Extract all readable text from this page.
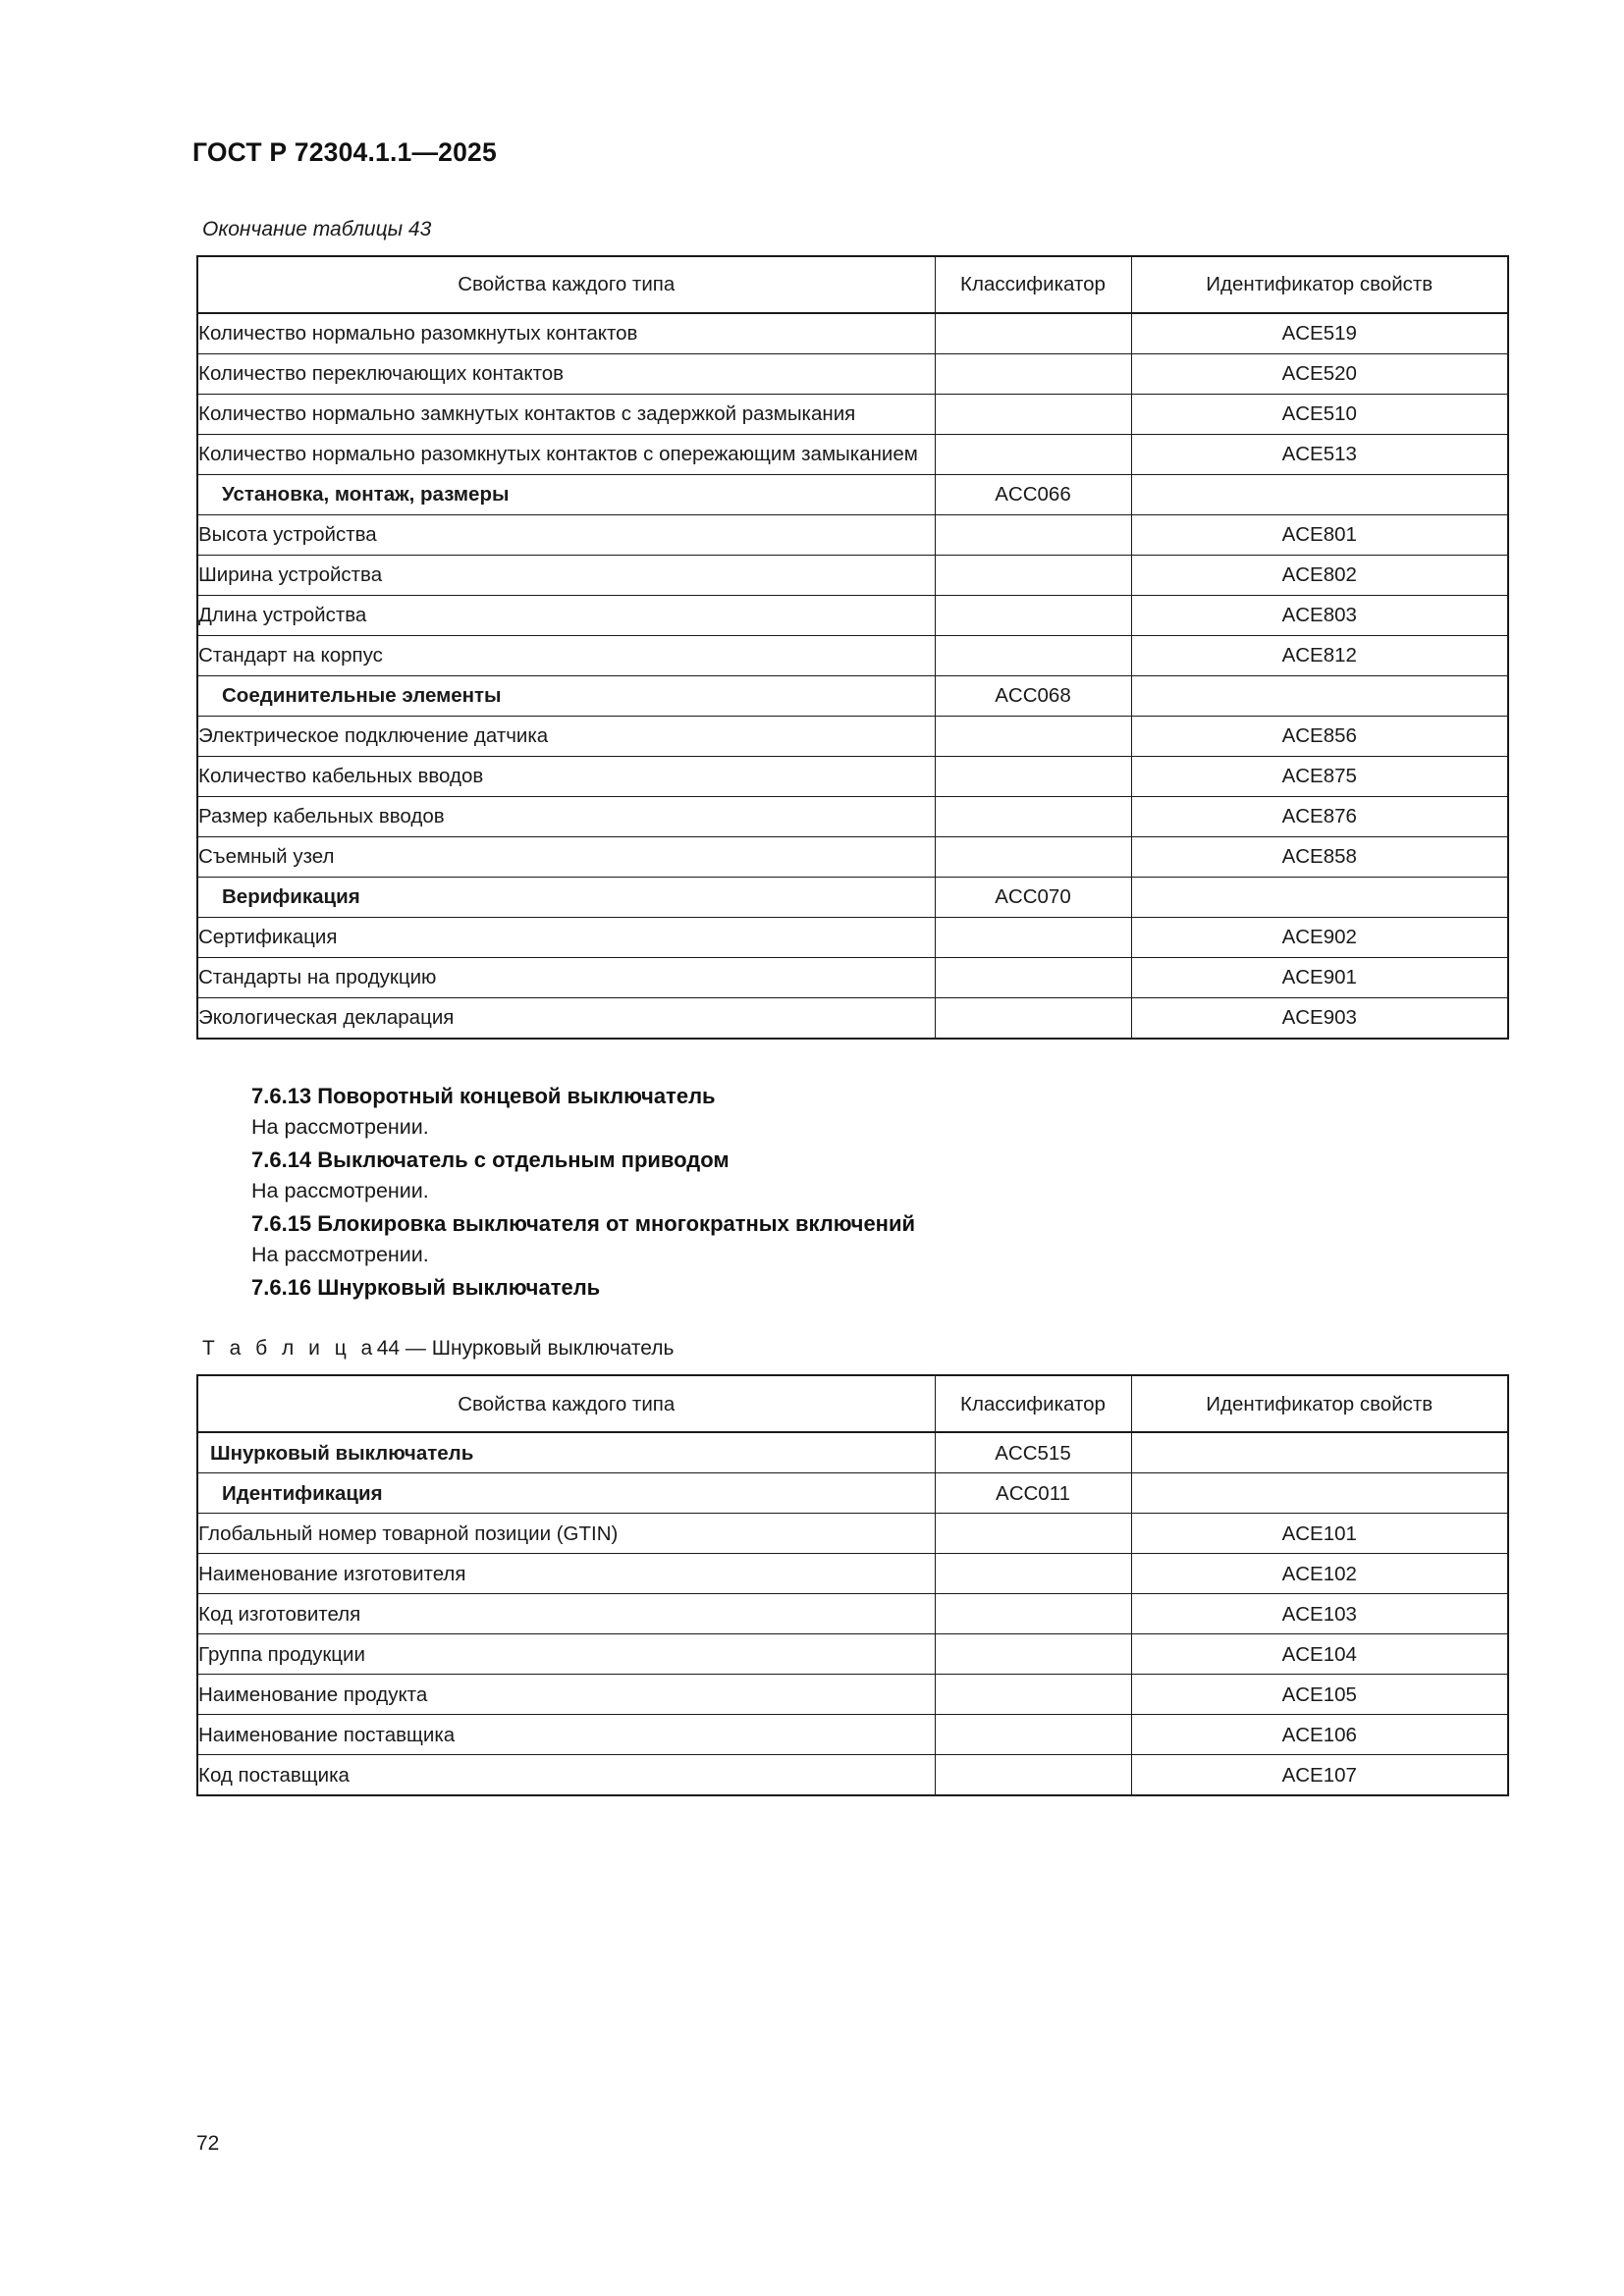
ГОСТ Р 72304.1.1—2025

Окончание таблицы 43

Свойства каждого типа	Классификатор	Идентификатор свойств
Количество нормально разомкнутых контактов		ACE519
Количество переключающих контактов		ACE520
Количество нормально замкнутых контактов с задержкой размыкания		ACE510
Количество нормально разомкнутых контактов с опережающим замыканием		ACE513
Установка, монтаж, размеры	ACC066	
Высота устройства		ACE801
Ширина устройства		ACE802
Длина устройства		ACE803
Стандарт на корпус		ACE812
Соединительные элементы	ACC068	
Электрическое подключение датчика		ACE856
Количество кабельных вводов		ACE875
Размер кабельных вводов		ACE876
Съемный узел		ACE858
Верификация	ACC070	
Сертификация		ACE902
Стандарты на продукцию		ACE901
Экологическая декларация		ACE903

7.6.13 Поворотный концевой выключатель

На рассмотрении.

7.6.14 Выключатель с отдельным приводом

На рассмотрении.

7.6.15 Блокировка выключателя от многократных включений

На рассмотрении.

7.6.16 Шнурковый выключатель

Т а б л и ц а44 — Шнурковый выключатель

Свойства каждого типа	Классификатор	Идентификатор свойств
Шнурковый выключатель	ACC515	
Идентификация	ACC011	
Глобальный номер товарной позиции (GTIN)		ACE101
Наименование изготовителя		ACE102
Код изготовителя		ACE103
Группа продукции		ACE104
Наименование продукта		ACE105
Наименование поставщика		ACE106
Код поставщика		ACE107
72
